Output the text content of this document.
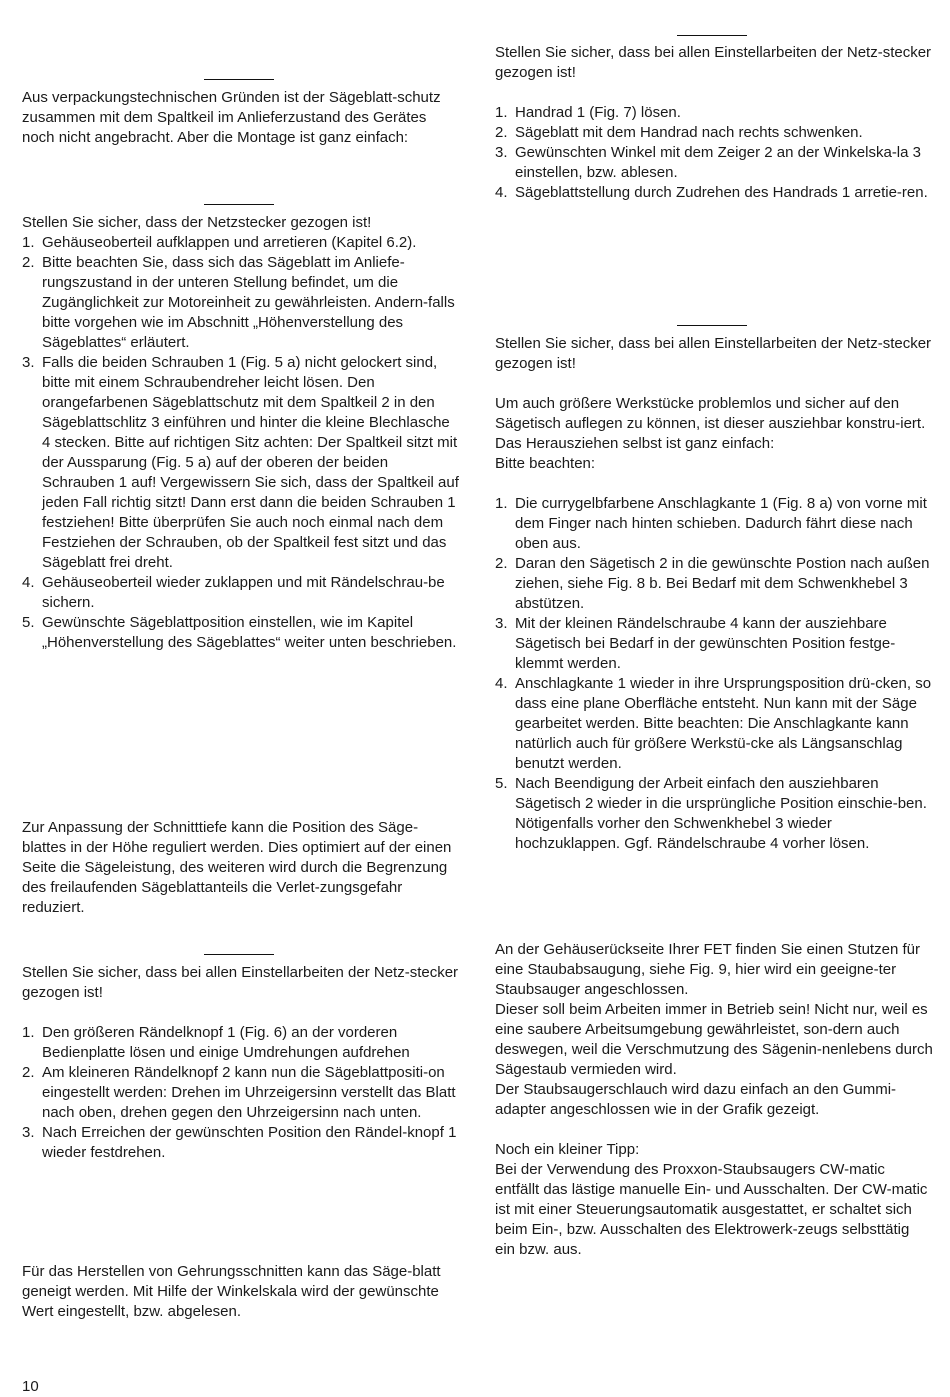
Aus verpackungstechnischen Gründen ist der Sägeblatt-schutz zusammen mit dem Spaltkeil im Anlieferzustand des Gerätes noch nicht angebracht. Aber die Montage ist ganz einfach:

Stellen Sie sicher, dass der Netzstecker gezogen ist!

1. Gehäuseoberteil aufklappen und arretieren (Kapitel 6.2).
2. Bitte beachten Sie, dass sich das Sägeblatt im Anliefe-rungszustand in der unteren Stellung befindet, um die Zugänglichkeit zur Motoreinheit zu gewährleisten. Andern-falls bitte vorgehen wie im Abschnitt „Höhenverstellung des Sägeblattes“ erläutert.
3. Falls die beiden Schrauben 1 (Fig. 5 a) nicht gelockert sind, bitte mit einem Schraubendreher leicht lösen. Den orangefarbenen Sägeblattschutz mit dem Spaltkeil 2 in den Sägeblattschlitz 3 einführen und hinter die kleine Blechlasche 4 stecken. Bitte auf richtigen Sitz achten: Der Spaltkeil sitzt mit der Aussparung (Fig. 5 a) auf der oberen der beiden Schrauben 1 auf! Vergewissern Sie sich, dass der Spaltkeil auf jeden Fall richtig sitzt! Dann erst dann die beiden Schrauben 1 festziehen! Bitte überprüfen Sie auch noch einmal nach dem Festziehen der Schrauben, ob der Spaltkeil fest sitzt und das Sägeblatt frei dreht.
4. Gehäuseoberteil wieder zuklappen und mit Rändelschrau-be sichern.
5. Gewünschte Sägeblattposition einstellen, wie im Kapitel „Höhenverstellung des Sägeblattes“ weiter unten beschrieben.

Zur Anpassung der Schnitttiefe kann die Position des Säge-blattes in der Höhe reguliert werden. Dies optimiert auf der einen Seite die Sägeleistung, des weiteren wird durch die Begrenzung des freilaufenden Sägeblattanteils die Verlet-zungsgefahr reduziert.

Stellen Sie sicher, dass bei allen Einstellarbeiten der Netz-stecker gezogen ist!

1. Den größeren Rändelknopf 1 (Fig. 6) an der vorderen Bedienplatte lösen und einige Umdrehungen aufdrehen
2. Am kleineren Rändelknopf 2 kann nun die Sägeblattpositi-on eingestellt werden: Drehen im Uhrzeigersinn verstellt das Blatt nach oben, drehen gegen den Uhrzeigersinn nach unten.
3. Nach Erreichen der gewünschten Position den Rändel-knopf 1 wieder festdrehen.

Für das Herstellen von Gehrungsschnitten kann das Säge-blatt geneigt werden. Mit Hilfe der Winkelskala wird der gewünschte Wert eingestellt, bzw. abgelesen.

Stellen Sie sicher, dass bei allen Einstellarbeiten der Netz-stecker gezogen ist!

1. Handrad 1 (Fig. 7) lösen.
2. Sägeblatt mit dem Handrad nach rechts schwenken.
3. Gewünschten Winkel mit dem Zeiger 2 an der Winkelska-la 3 einstellen, bzw. ablesen.
4. Sägeblattstellung durch Zudrehen des Handrads 1 arretie-ren.

Stellen Sie sicher, dass bei allen Einstellarbeiten der Netz-stecker gezogen ist!

Um auch größere Werkstücke problemlos und sicher auf den Sägetisch auflegen zu können, ist dieser ausziehbar konstru-iert. Das Herausziehen selbst ist ganz einfach:

Bitte beachten:

1. Die currygelbfarbene Anschlagkante 1 (Fig. 8 a) von vorne mit dem Finger nach hinten schieben. Dadurch fährt diese nach oben aus.
2. Daran den Sägetisch 2 in die gewünschte Postion nach außen ziehen, siehe Fig. 8 b. Bei Bedarf mit dem Schwenkhebel 3 abstützen.
3. Mit der kleinen Rändelschraube 4 kann der ausziehbare Sägetisch bei Bedarf in der gewünschten Position festge-klemmt werden.
4. Anschlagkante 1 wieder in ihre Ursprungsposition drü-cken, so dass eine plane Oberfläche entsteht. Nun kann mit der Säge gearbeitet werden. Bitte beachten: Die Anschlagkante kann natürlich auch für größere Werkstü-cke als Längsanschlag benutzt werden.
5. Nach Beendigung der Arbeit einfach den ausziehbaren Sägetisch 2 wieder in die ursprüngliche Position einschie-ben. Nötigenfalls vorher den Schwenkhebel 3 wieder hochzuklappen. Ggf. Rändelschraube 4 vorher lösen.

An der Gehäuserückseite Ihrer FET finden Sie einen Stutzen für eine Staubabsaugung, siehe Fig. 9, hier wird ein geeigne-ter Staubsauger angeschlossen.

Dieser soll beim Arbeiten immer in Betrieb sein! Nicht nur, weil es eine saubere Arbeitsumgebung gewährleistet, son-dern auch deswegen, weil die Verschmutzung des Sägenin-nenlebens durch Sägestaub vermieden wird.

Der Staubsaugerschlauch wird dazu einfach an den Gummi-adapter angeschlossen wie in der Grafik gezeigt.

Noch ein kleiner Tipp:

Bei der Verwendung des Proxxon-Staubsaugers CW-matic entfällt das lästige manuelle Ein- und Ausschalten. Der CW-matic ist mit einer Steuerungsautomatik ausgestattet, er schaltet sich beim Ein-, bzw. Ausschalten des Elektrowerk-zeugs selbsttätig ein bzw. aus.

10
